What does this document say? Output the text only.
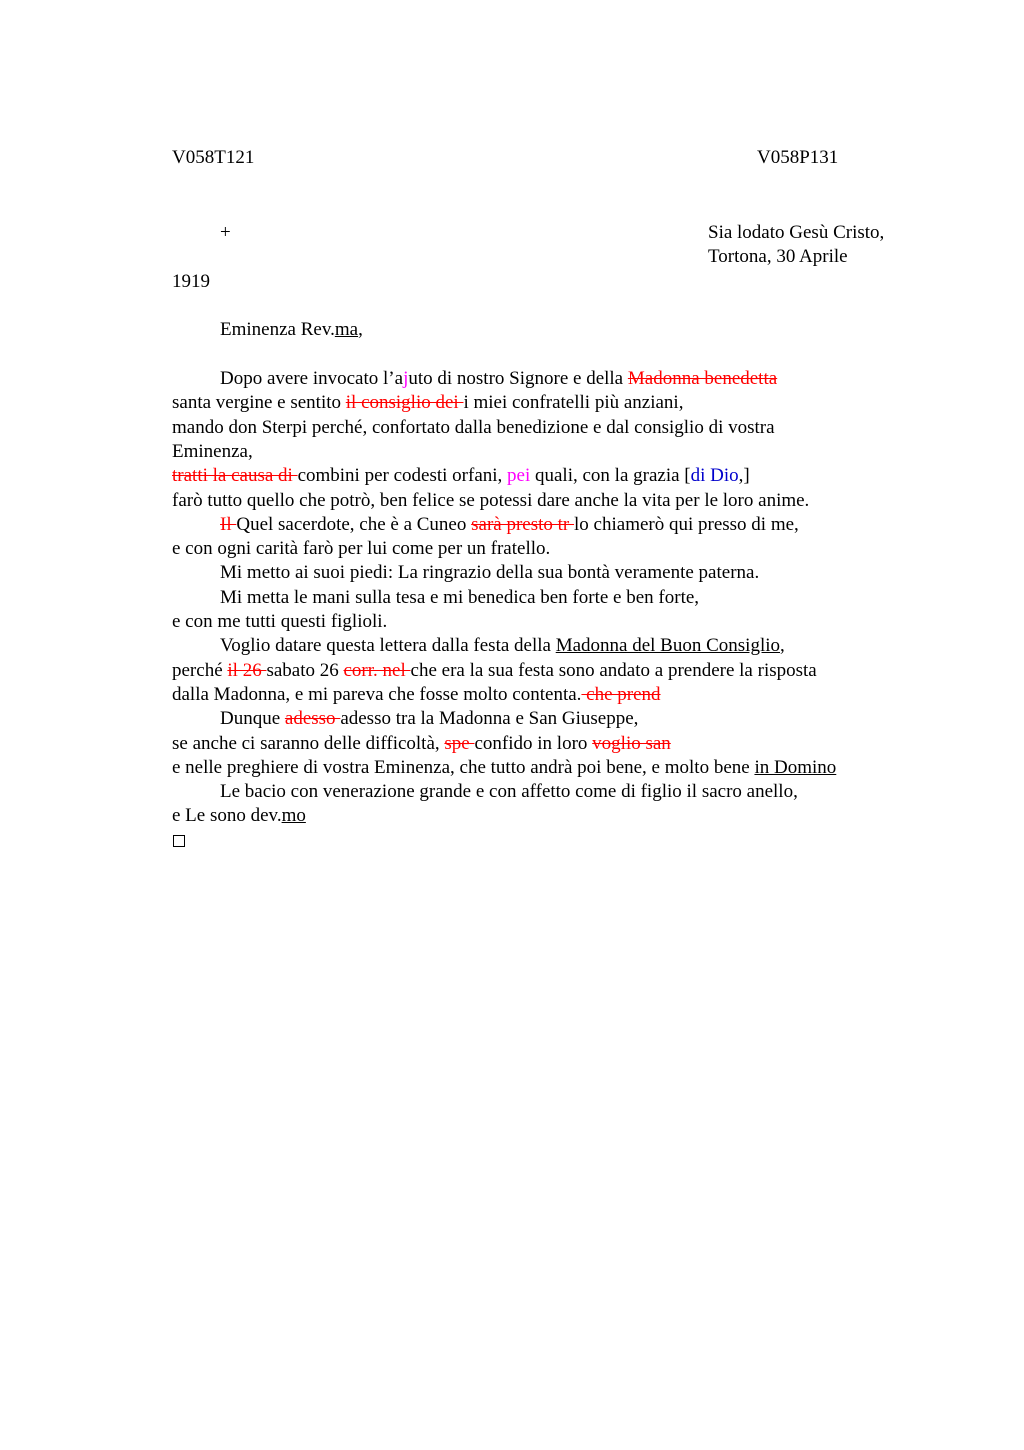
V058T121	V058P131
+	Sia lodato Gesù Cristo,
Tortona, 30 Aprile
1919
Eminenza Rev.ma,
Dopo avere invocato l’ajuto di nostro Signore e della Madonna benedetta
santa vergine e sentito il consiglio dei i miei confratelli più anziani,
mando don Sterpi perché, confortato dalla benedizione e dal consiglio di vostra
Eminenza,
tratti la causa di combini per codesti orfani, pei quali, con la grazia [di Dio,]
farò tutto quello che potrò, ben felice se potessi dare anche la vita per le loro anime.
Il Quel sacerdote, che è a Cuneo sarà presto tr lo chiamerò qui presso di me,
e con ogni carità farò per lui come per un fratello.
Mi metto ai suoi piedi: La ringrazio della sua bontà veramente paterna.
Mi metta le mani sulla tesa e mi benedica ben forte e ben forte,
e con me tutti questi figlioli.
Voglio datare questa lettera dalla festa della Madonna del Buon Consiglio,
perché il 26 sabato 26 corr. nel che era la sua festa sono andato a prendere la risposta
dalla Madonna, e mi pareva che fosse molto contenta. che prend
Dunque adesso adesso tra la Madonna e San Giuseppe,
se anche ci saranno delle difficoltà, spe confido in loro voglio san
e nelle preghiere di vostra Eminenza, che tutto andrà poi bene, e molto bene in Domino
Le bacio con venerazione grande e con affetto come di figlio il sacro anello,
e Le sono dev.mo
